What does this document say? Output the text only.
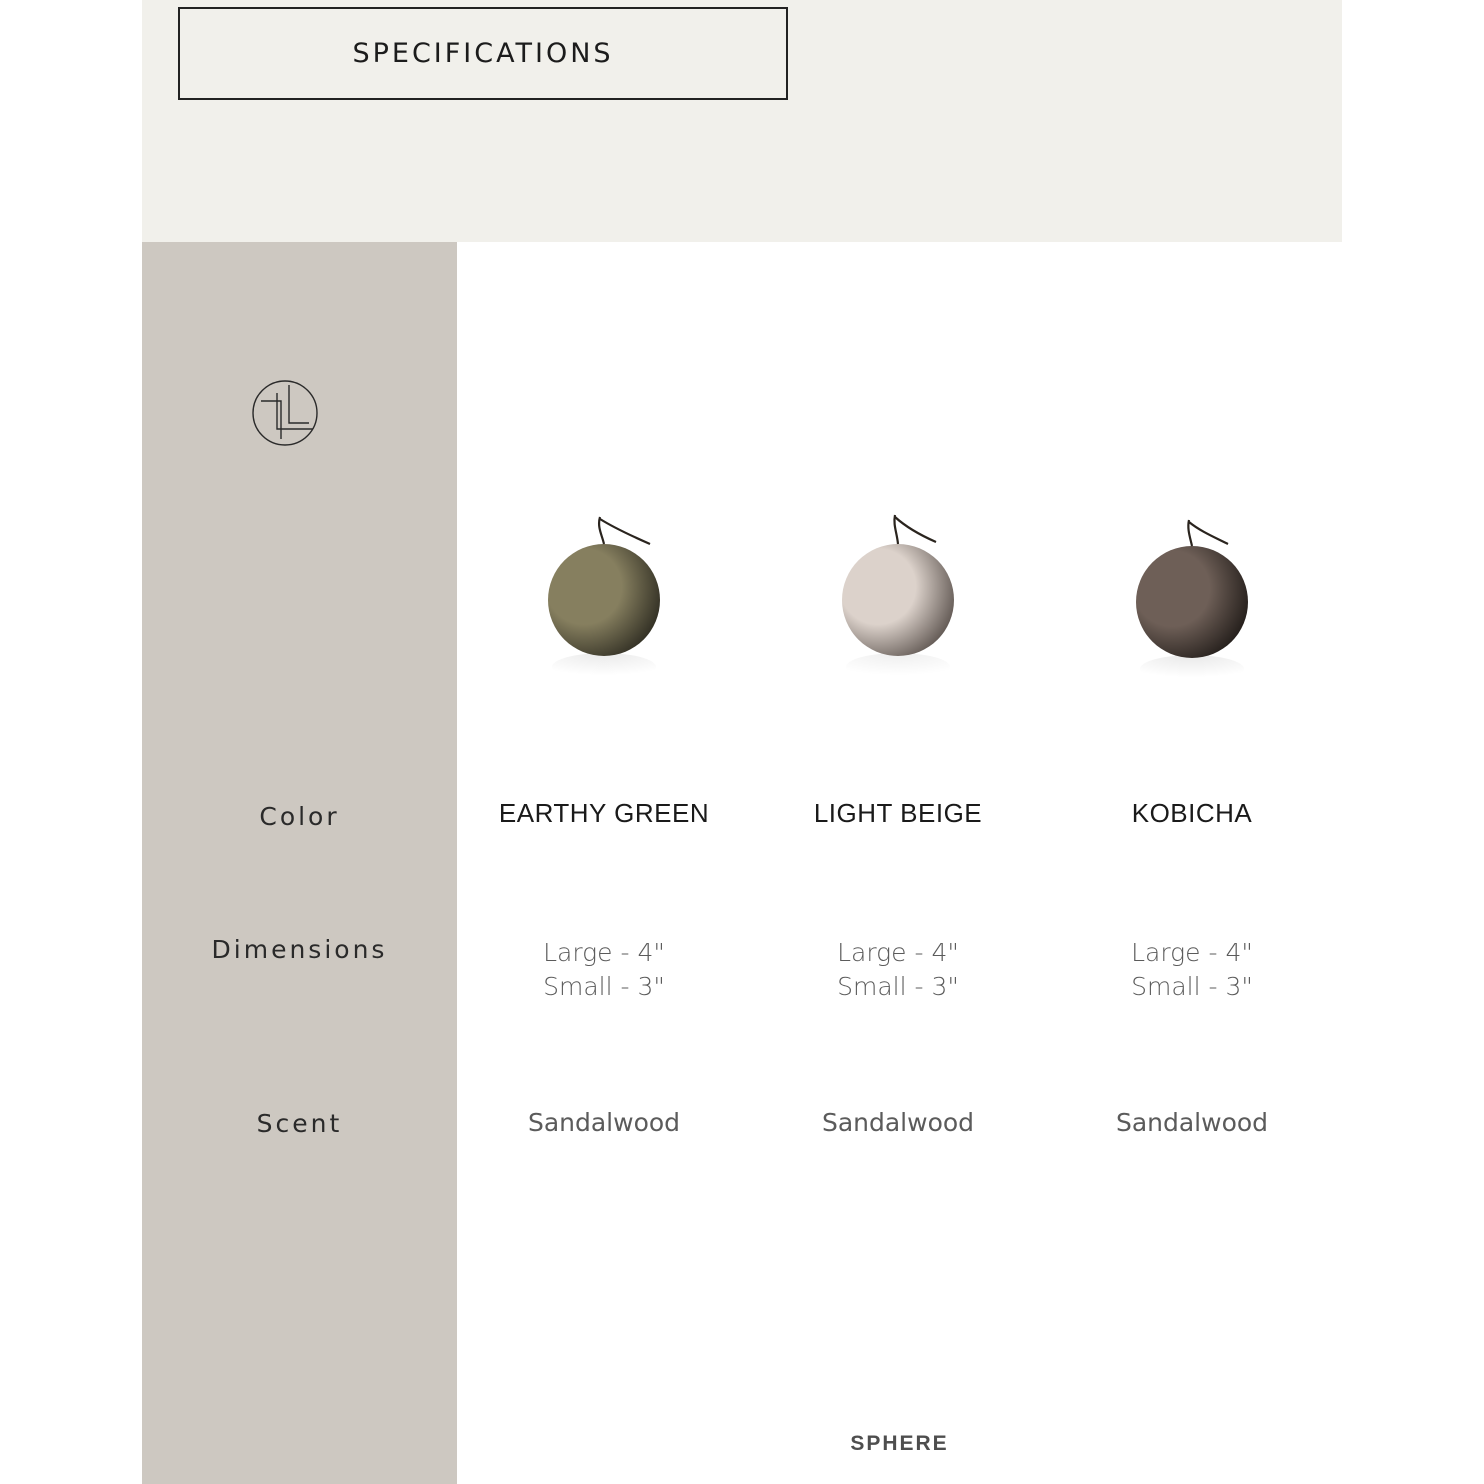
SPECIFICATIONS
Color
Dimensions
Scent
EARTHY GREEN
Large - 4"
Small - 3"
Sandalwood
LIGHT BEIGE
Large - 4"
Small - 3"
Sandalwood
KOBICHA
Large - 4"
Small - 3"
Sandalwood
SPHERE
